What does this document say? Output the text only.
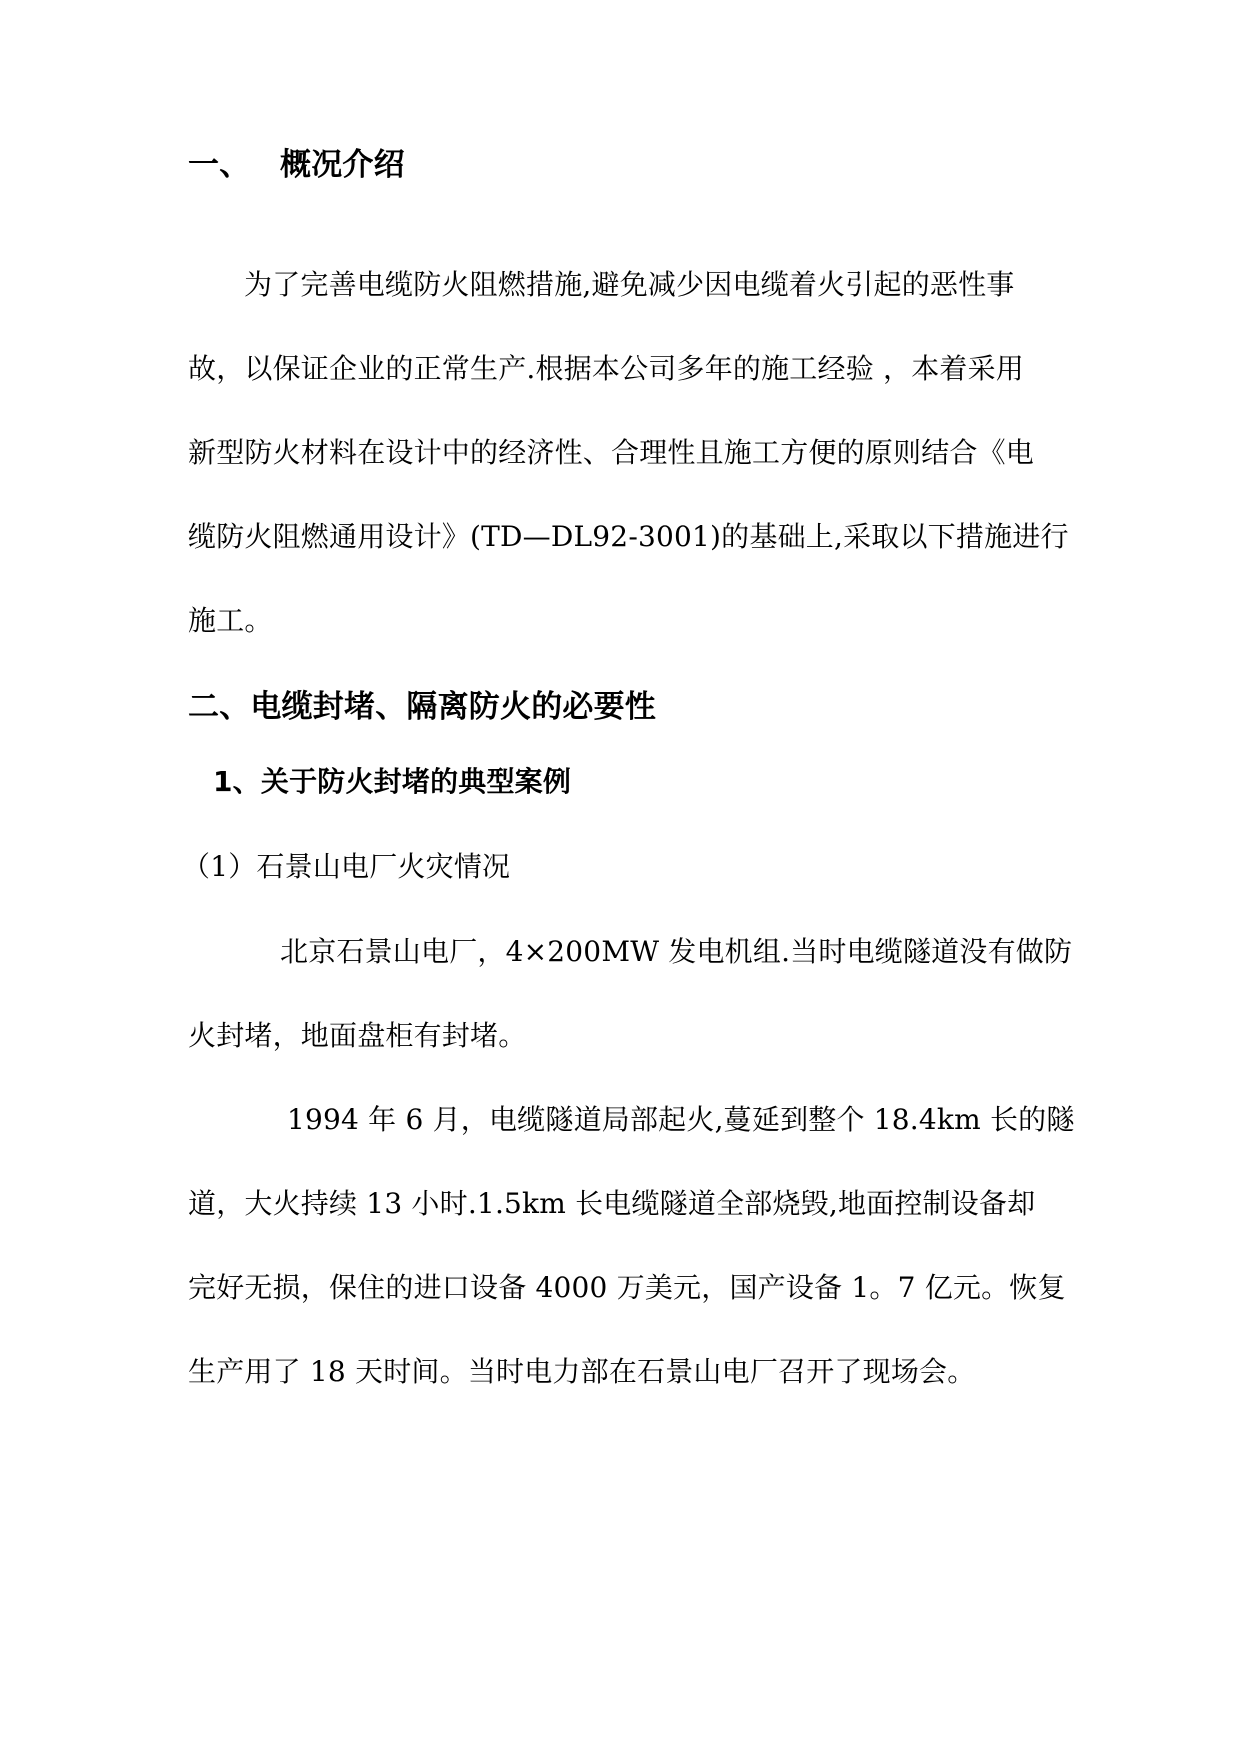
一、 概况介绍
为了完善电缆防火阻燃措施,避免减少因电缆着火引起的恶性事
故，以保证企业的正常生产.根据本公司多年的施工经验 ，本着采用
新型防火材料在设计中的经济性、合理性且施工方便的原则结合《电
缆防火阻燃通用设计》(TD—DL92-3001)的基础上,采取以下措施进行
施工。
二、电缆封堵、隔离防火的必要性
1、关于防火封堵的典型案例
（1）石景山电厂火灾情况
北京石景山电厂，4×200MW 发电机组.当时电缆隧道没有做防
火封堵，地面盘柜有封堵。
1994 年 6 月，电缆隧道局部起火,蔓延到整个 18.4km 长的隧
道，大火持续 13 小时.1.5km 长电缆隧道全部烧毁,地面控制设备却
完好无损，保住的进口设备 4000 万美元，国产设备 1。7 亿元。恢复
生产用了 18 天时间。当时电力部在石景山电厂召开了现场会。
